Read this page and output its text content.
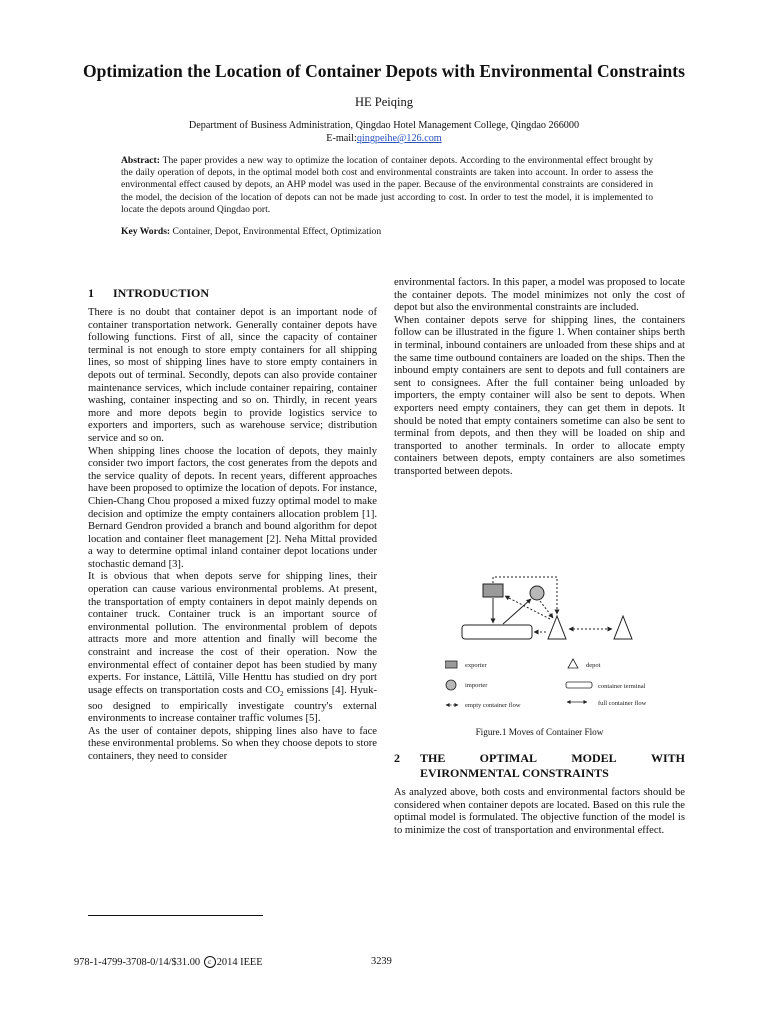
Optimization the Location of Container Depots with Environmental Constraints
HE Peiqing
Department of Business Administration, Qingdao Hotel Management College, Qingdao 266000
E-mail:qingpeihe@126.com
Abstract: The paper provides a new way to optimize the location of container depots. According to the environmental effect brought by the daily operation of depots, in the optimal model both cost and environmental constraints are taken into account. In order to assess the environmental effect caused by depots, an AHP model was used in the paper. Because of the environmental constraints are considered in the model, the decision of the location of depots can not be made just according to cost. In order to test the model, it is implemented to locate the depots around Qingdao port.
Key Words: Container, Depot, Environmental Effect, Optimization
1 INTRODUCTION

There is no doubt that container depot is an important node of container transportation network. Generally container depots have following functions. First of all, since the capacity of container terminal is not enough to store empty containers for all shipping lines, so most of shipping lines have to store empty containers in depots out of terminal. Secondly, depots can also provide container maintenance services, which include container repairing, container washing, container inspecting and so on. Thirdly, in recent years more and more depots begin to provide logistics service to exporters and importers, such as warehouse service; distribution service and so on.

When shipping lines choose the location of depots, they mainly consider two import factors, the cost generates from the depots and the service quality of depots. In recent years, different approaches have been proposed to optimize the location of depots. For instance, Chien-Chang Chou proposed a mixed fuzzy optimal model to make decision and optimize the empty containers allocation problem [1]. Bernard Gendron provided a branch and bound algorithm for depot location and container fleet management [2]. Neha Mittal provided a way to determine optimal inland container depot locations under stochastic demand [3].

It is obvious that when depots serve for shipping lines, their operation can cause various environmental problems. At present, the transportation of empty containers in depot mainly depends on container truck. Container truck is an important source of environmental pollution. The environmental problem of depots attracts more and more attention and finally will become the constraint and increase the cost of their operation. Now the environmental effect of container depot has been studied by many experts. For instance, Lättilä, Ville Henttu has studied on dry port usage effects on transportation costs and $CO_2$ emissions [4]. Hyuk-soo designed to empirically investigate country's external environments to increase container traffic volumes [5].

As the user of container depots, shipping lines also have to face these environmental problems. So when they choose depots to store containers, they need to consider

environmental factors. In this paper, a model was proposed to locate the container depots. The model minimizes not only the cost of depot but also the environmental constraints are included.

When container depots serve for shipping lines, the containers follow can be illustrated in the figure 1. When container ships berth in terminal, inbound containers are unloaded from these ships and at the same time outbound containers are loaded on the ships. Then the inbound empty containers are sent to depots and full containers are sent to consignees. After the full container being unloaded by importers, the empty container will also be sent to depots. When exporters need empty containers, they can get them in depots. It should be noted that empty containers sometime can also be sent to terminal from depots, and then they will be loaded on ship and transported to another terminals. In order to allocate empty containers between depots, empty containers are also sometimes transported between depots.

exporter
importer
empty container flow
depot
container terminal
full container flow
Figure.1 Moves of Container Flow
2 THE	OPTIMAL	MODEL	WITH
EVIRONMENTAL CONSTRAINTS

As analyzed above, both costs and environmental factors should be considered when container depots are located. Based on this rule the optimal model is formulated. The objective function of the model is to minimize the cost of transportation and environmental effect.

978-1-4799-3708-0/14/$31.00 c 2014 IEEE	3239
